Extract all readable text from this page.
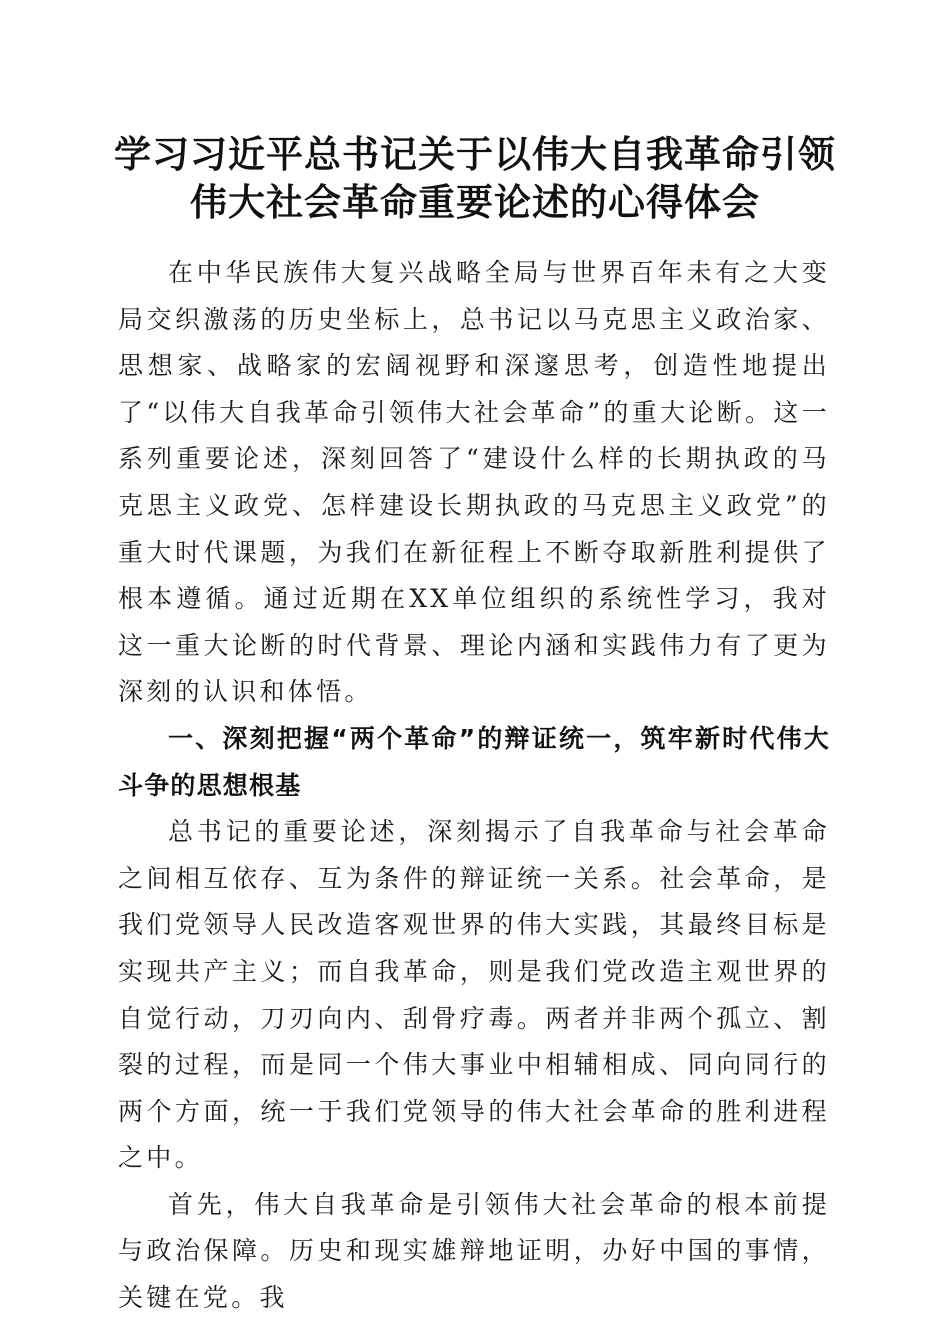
学习习近平总书记关于以伟大自我革命引领伟大社会革命重要论述的心得体会

在中华民族伟大复兴战略全局与世界百年未有之大变局交织激荡的历史坐标上，总书记以马克思主义政治家、思想家、战略家的宏阔视野和深邃思考，创造性地提出了“以伟大自我革命引领伟大社会革命”的重大论断。这一系列重要论述，深刻回答了“建设什么样的长期执政的马克思主义政党、怎样建设长期执政的马克思主义政党”的重大时代课题，为我们在新征程上不断夺取新胜利提供了根本遵循。通过近期在XX单位组织的系统性学习，我对这一重大论断的时代背景、理论内涵和实践伟力有了更为深刻的认识和体悟。

一、深刻把握“两个革命”的辩证统一，筑牢新时代伟大斗争的思想根基

总书记的重要论述，深刻揭示了自我革命与社会革命之间相互依存、互为条件的辩证统一关系。社会革命，是我们党领导人民改造客观世界的伟大实践，其最终目标是实现共产主义；而自我革命，则是我们党改造主观世界的自觉行动，刀刃向内、刮骨疗毒。两者并非两个孤立、割裂的过程，而是同一个伟大事业中相辅相成、同向同行的两个方面，统一于我们党领导的伟大社会革命的胜利进程之中。

首先，伟大自我革命是引领伟大社会革命的根本前提与政治保障。历史和现实雄辩地证明，办好中国的事情，关键在党。我
